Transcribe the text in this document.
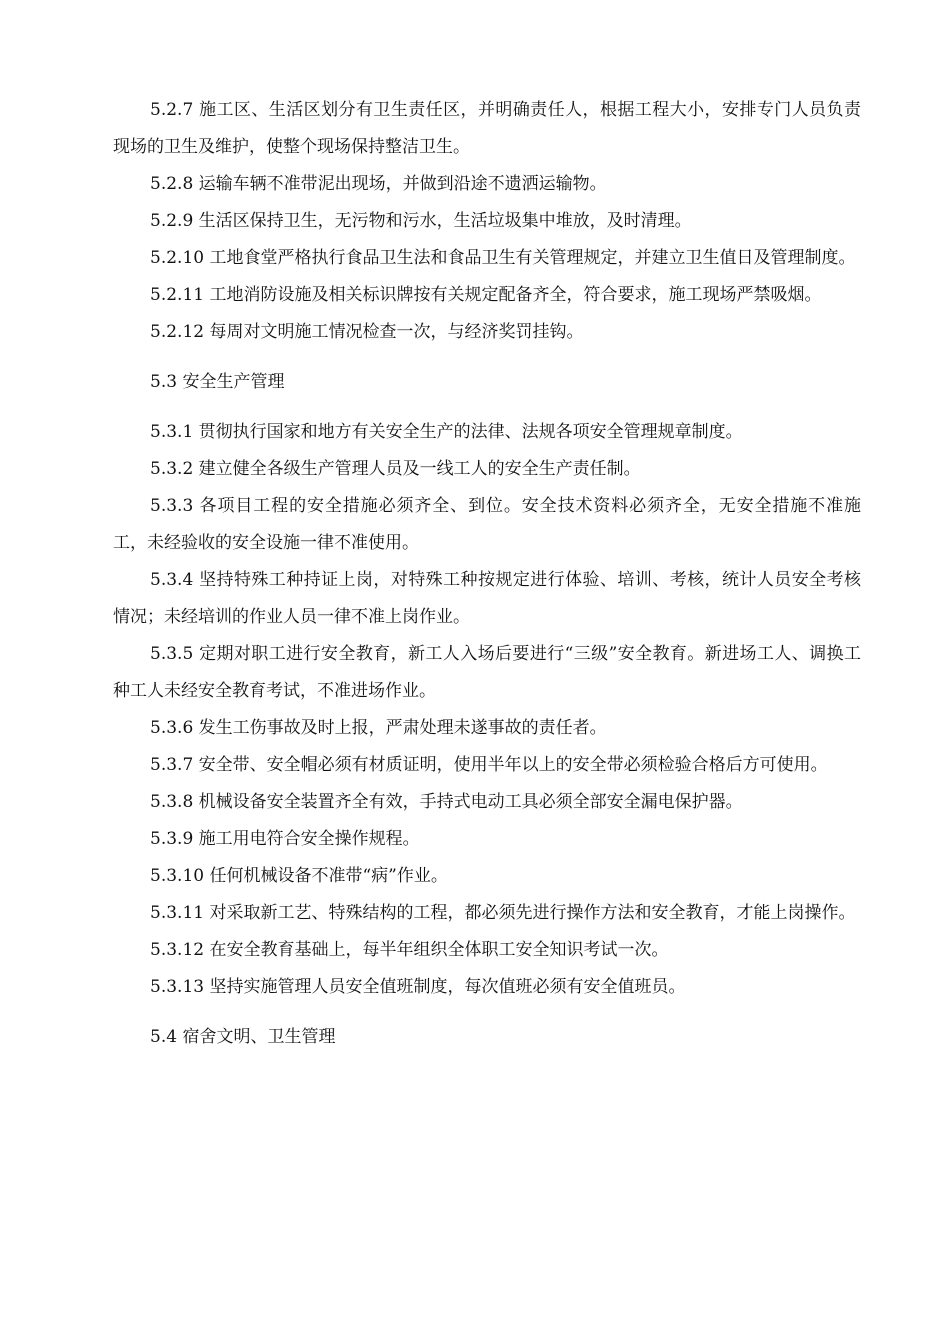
5.2.7 施工区、生活区划分有卫生责任区，并明确责任人，根据工程大小，安排专门人员负责现场的卫生及维护，使整个现场保持整洁卫生。

5.2.8 运输车辆不准带泥出现场，并做到沿途不遗洒运输物。

5.2.9 生活区保持卫生，无污物和污水，生活垃圾集中堆放，及时清理。

5.2.10 工地食堂严格执行食品卫生法和食品卫生有关管理规定，并建立卫生值日及管理制度。

5.2.11 工地消防设施及相关标识牌按有关规定配备齐全，符合要求，施工现场严禁吸烟。

5.2.12 每周对文明施工情况检查一次，与经济奖罚挂钩。

5.3 安全生产管理

5.3.1 贯彻执行国家和地方有关安全生产的法律、法规各项安全管理规章制度。

5.3.2 建立健全各级生产管理人员及一线工人的安全生产责任制。

5.3.3 各项目工程的安全措施必须齐全、到位。安全技术资料必须齐全，无安全措施不准施工，未经验收的安全设施一律不准使用。

5.3.4 坚持特殊工种持证上岗，对特殊工种按规定进行体验、培训、考核，统计人员安全考核情况；未经培训的作业人员一律不准上岗作业。

5.3.5 定期对职工进行安全教育，新工人入场后要进行“三级”安全教育。新进场工人、调换工种工人未经安全教育考试，不准进场作业。

5.3.6 发生工伤事故及时上报，严肃处理未遂事故的责任者。

5.3.7 安全带、安全帽必须有材质证明，使用半年以上的安全带必须检验合格后方可使用。

5.3.8 机械设备安全装置齐全有效，手持式电动工具必须全部安全漏电保护器。

5.3.9 施工用电符合安全操作规程。

5.3.10 任何机械设备不准带“病”作业。

5.3.11 对采取新工艺、特殊结构的工程，都必须先进行操作方法和安全教育，才能上岗操作。

5.3.12 在安全教育基础上，每半年组织全体职工安全知识考试一次。

5.3.13 坚持实施管理人员安全值班制度，每次值班必须有安全值班员。

5.4 宿舍文明、卫生管理
